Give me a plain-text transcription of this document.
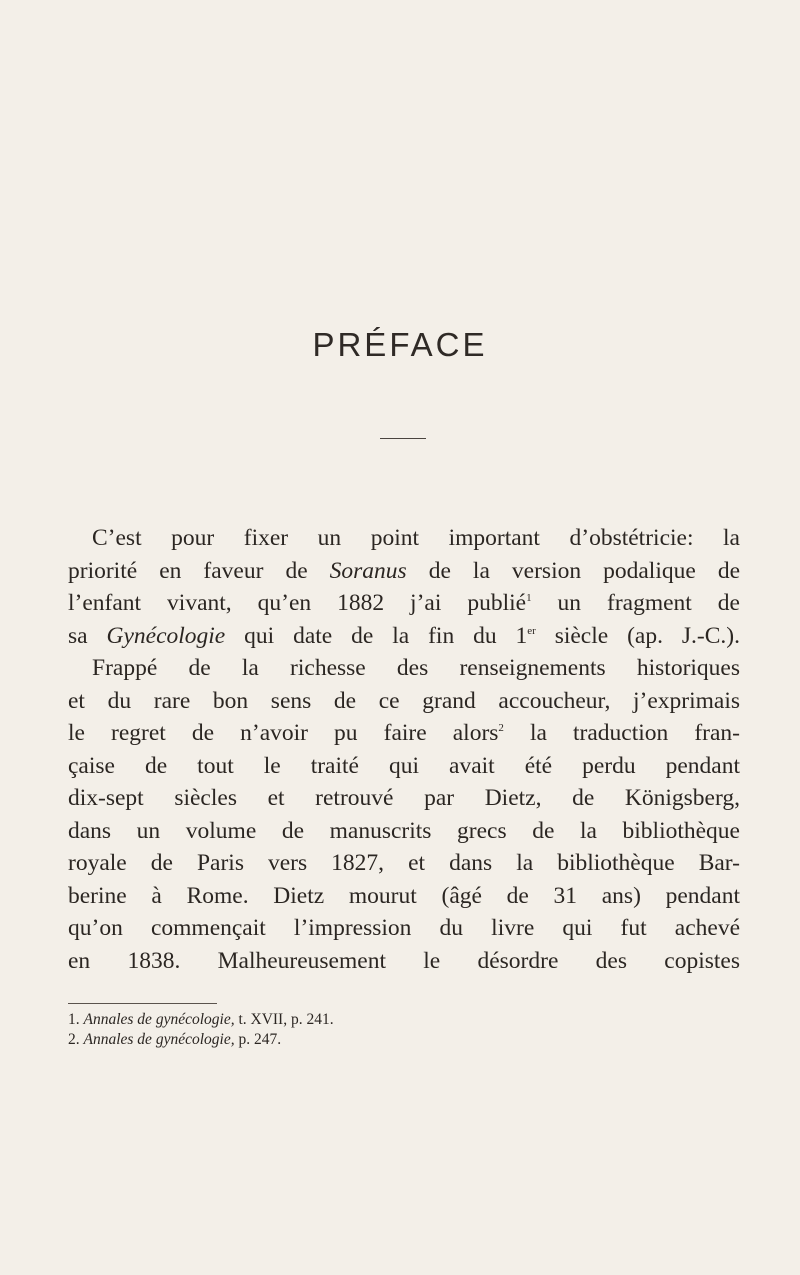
PRÉFACE
C’est pour fixer un point important d’obstétricie: la
priorité en faveur de Soranus de la version podalique de
l’enfant vivant, qu’en 1882 j’ai publié$^1$ un fragment de
sa Gynécologie qui date de la fin du 1er siècle (ap. J.-C.).
Frappé de la richesse des renseignements historiques
et du rare bon sens de ce grand accoucheur, j’exprimais
le regret de n’avoir pu faire alors$^2$ la traduction fran-
çaise de tout le traité qui avait été perdu pendant
dix-sept siècles et retrouvé par Dietz, de Königsberg,
dans un volume de manuscrits grecs de la bibliothèque
royale de Paris vers 1827, et dans la bibliothèque Bar-
berine à Rome. Dietz mourut (âgé de 31 ans) pendant
qu’on commençait l’impression du livre qui fut achevé
en 1838. Malheureusement le désordre des copistes
1. Annales de gynécologie, t. XVII, p. 241.
2. Annales de gynécologie, p. 247.
